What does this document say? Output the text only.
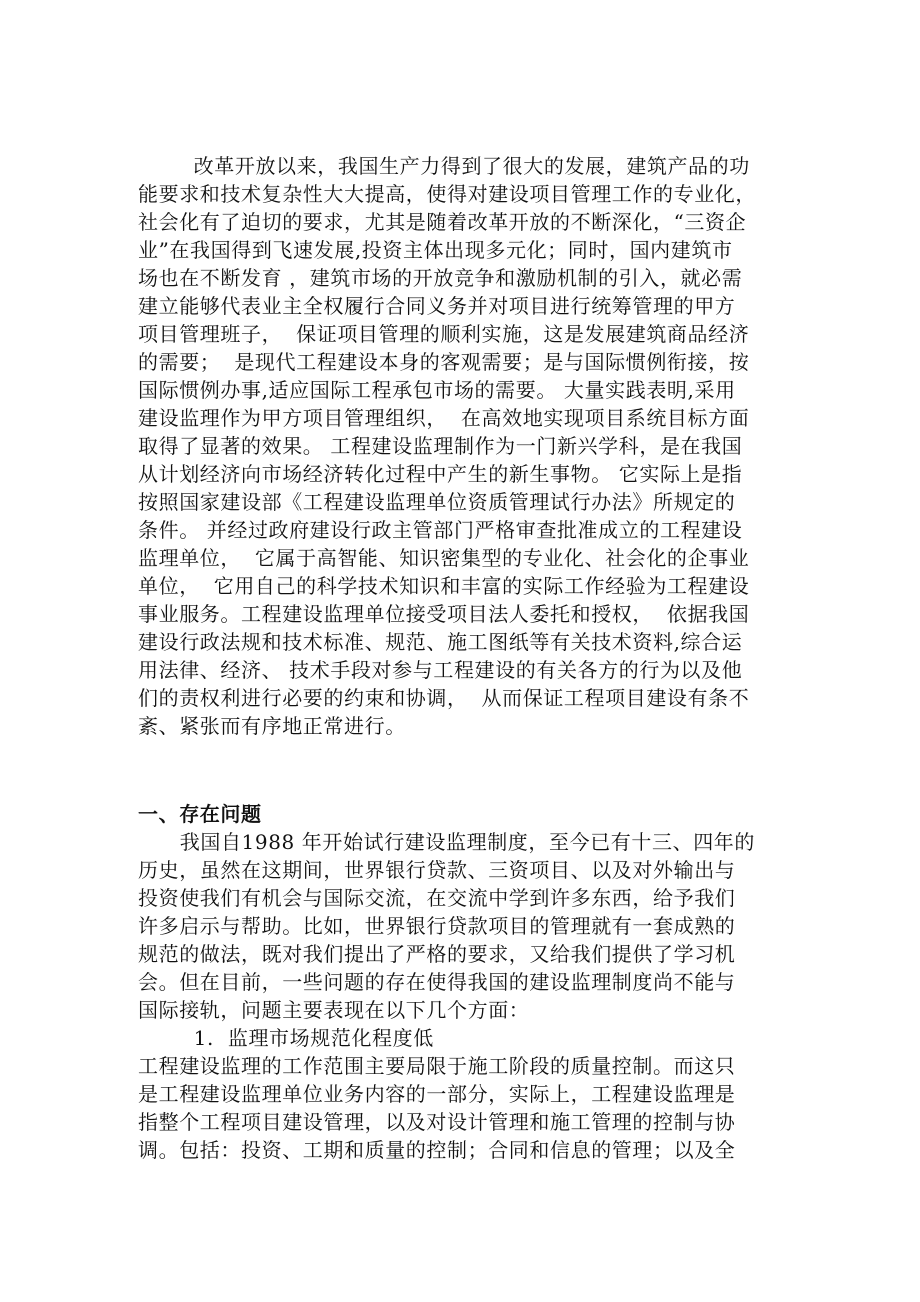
改革开放以来，我国生产力得到了很大的发展，建筑产品的功
能要求和技术复杂性大大提高，使得对建设项目管理工作的专业化，
社会化有了迫切的要求，尤其是随着改革开放的不断深化，“三资企
业”在我国得到飞速发展,投资主体出现多元化；同时，国内建筑市
场也在不断发育 ，建筑市场的开放竞争和激励机制的引入，就必需
建立能够代表业主全权履行合同义务并对项目进行统筹管理的甲方
项目管理班子，  保证项目管理的顺利实施，这是发展建筑商品经济
的需要；  是现代工程建设本身的客观需要；是与国际惯例衔接，按
国际惯例办事,适应国际工程承包市场的需要。 大量实践表明,采用
建设监理作为甲方项目管理组织，  在高效地实现项目系统目标方面
取得了显著的效果。 工程建设监理制作为一门新兴学科，是在我国
从计划经济向市场经济转化过程中产生的新生事物。 它实际上是指
按照国家建设部《工程建设监理单位资质管理试行办法》所规定的
条件。 并经过政府建设行政主管部门严格审查批准成立的工程建设
监理单位，  它属于高智能、知识密集型的专业化、社会化的企事业
单位，  它用自己的科学技术知识和丰富的实际工作经验为工程建设
事业服务。工程建设监理单位接受项目法人委托和授权，  依据我国
建设行政法规和技术标准、规范、施工图纸等有关技术资料,综合运
用法律、经济、 技术手段对参与工程建设的有关各方的行为以及他
们的责权利进行必要的约束和协调，  从而保证工程项目建设有条不
紊、紧张而有序地正常进行。
一、存在问题
我国自1988 年开始试行建设监理制度，至今已有十三、四年的
历史，虽然在这期间，世界银行贷款、三资项目、以及对外输出与
投资使我们有机会与国际交流，在交流中学到许多东西，给予我们
许多启示与帮助。比如，世界银行贷款项目的管理就有一套成熟的
规范的做法，既对我们提出了严格的要求，又给我们提供了学习机
会。但在目前，一些问题的存在使得我国的建设监理制度尚不能与
国际接轨，问题主要表现在以下几个方面：
1.  监理市场规范化程度低
工程建设监理的工作范围主要局限于施工阶段的质量控制。而这只
是工程建设监理单位业务内容的一部分，实际上，工程建设监理是
指整个工程项目建设管理，以及对设计管理和施工管理的控制与协
调。包括：投资、工期和质量的控制；合同和信息的管理；以及全
